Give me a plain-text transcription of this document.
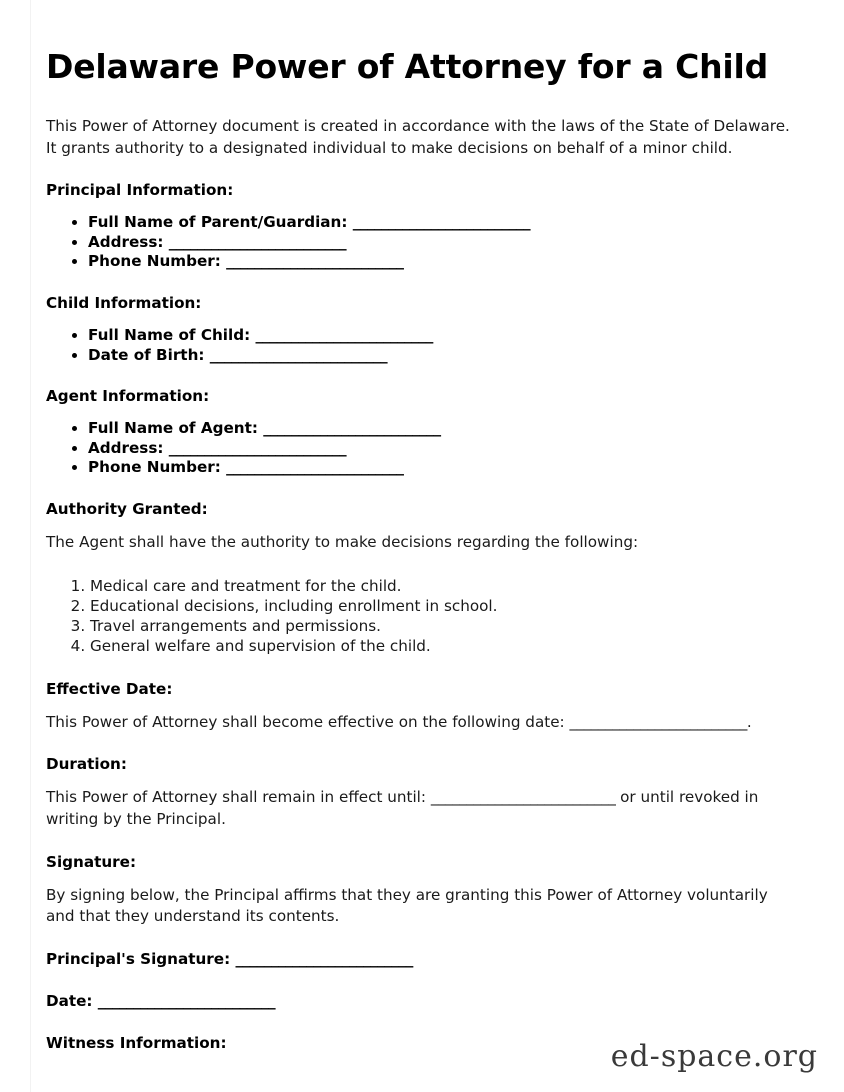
Delaware Power of Attorney for a Child

This Power of Attorney document is created in accordance with the laws of the State of Delaware. It grants authority to a designated individual to make decisions on behalf of a minor child.

Principal Information:
• Full Name of Parent/Guardian: _________________________
• Address: _________________________
• Phone Number: _________________________
Child Information:
• Full Name of Child: _________________________
• Date of Birth: _________________________
Agent Information:
• Full Name of Agent: _________________________
• Address: _________________________
• Phone Number: _________________________
Authority Granted:

The Agent shall have the authority to make decisions regarding the following:

1. Medical care and treatment for the child.
2. Educational decisions, including enrollment in school.
3. Travel arrangements and permissions.
4. General welfare and supervision of the child.
Effective Date:

This Power of Attorney shall become effective on the following date: _________________________.

Duration:

This Power of Attorney shall remain in effect until: __________________________ or until revoked in writing by the Principal.

Signature:

By signing below, the Principal affirms that they are granting this Power of Attorney voluntarily and that they understand its contents.

Principal's Signature: _________________________
Date: _________________________
Witness Information:	ed-space.org
